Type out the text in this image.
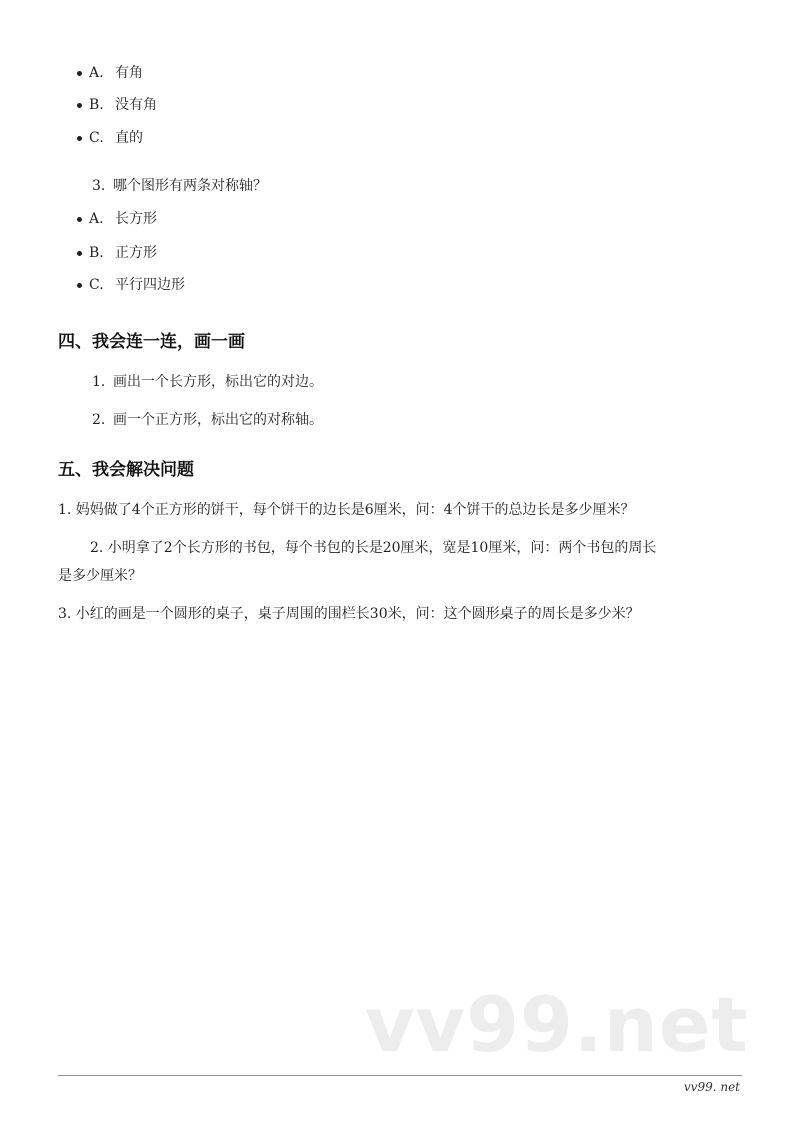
A. 有角
B. 没有角
C. 直的
3. 哪个图形有两条对称轴？
A. 长方形
B. 正方形
C. 平行四边形
四、我会连一连，画一画
1. 画出一个长方形，标出它的对边。
2. 画一个正方形，标出它的对称轴。
五、我会解决问题
1. 妈妈做了4个正方形的饼干，每个饼干的边长是6厘米，问：4个饼干的总边长是多少厘米？
2. 小明拿了2个长方形的书包，每个书包的长是20厘米，宽是10厘米，问：两个书包的周长
是多少厘米？
3. 小红的画是一个圆形的桌子，桌子周围的围栏长30米，问：这个圆形桌子的周长是多少米？
vv99.net
vv99. net
